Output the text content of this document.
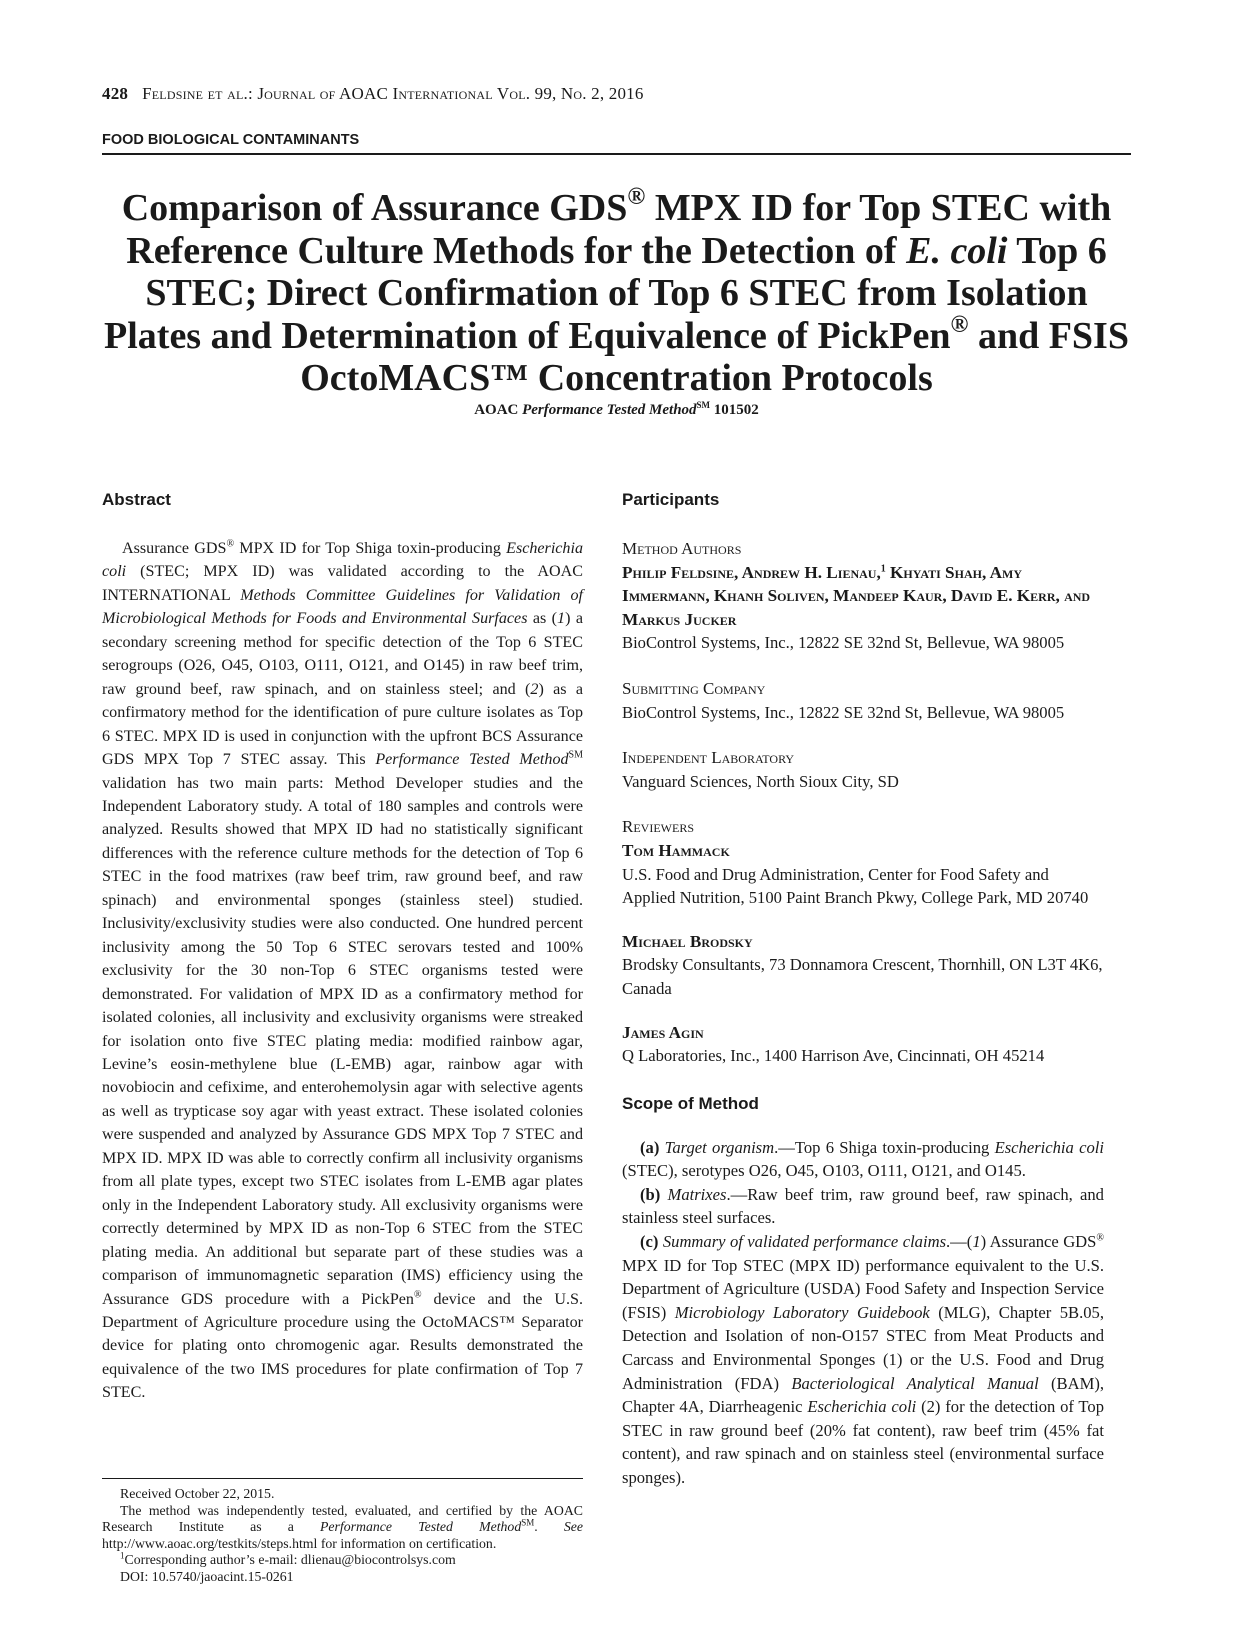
428 Feldsine et al.: Journal of AOAC International Vol. 99, No. 2, 2016
FOOD BIOLOGICAL CONTAMINANTS
Comparison of Assurance GDS® MPX ID for Top STEC with Reference Culture Methods for the Detection of E. coli Top 6 STEC; Direct Confirmation of Top 6 STEC from Isolation Plates and Determination of Equivalence of PickPen® and FSIS OctoMACS™ Concentration Protocols
AOAC Performance Tested Method℠ 101502
Abstract

Assurance GDS® MPX ID for Top Shiga toxin-producing Escherichia coli (STEC; MPX ID) was validated according to the AOAC INTERNATIONAL Methods Committee Guidelines for Validation of Microbiological Methods for Foods and Environmental Surfaces as (1) a secondary screening method for specific detection of the Top 6 STEC serogroups (O26, O45, O103, O111, O121, and O145) in raw beef trim, raw ground beef, raw spinach, and on stainless steel; and (2) as a confirmatory method for the identification of pure culture isolates as Top 6 STEC. MPX ID is used in conjunction with the upfront BCS Assurance GDS MPX Top 7 STEC assay. This Performance Tested Method℠ validation has two main parts: Method Developer studies and the Independent Laboratory study. A total of 180 samples and controls were analyzed. Results showed that MPX ID had no statistically significant differences with the reference culture methods for the detection of Top 6 STEC in the food matrixes (raw beef trim, raw ground beef, and raw spinach) and environmental sponges (stainless steel) studied. Inclusivity/exclusivity studies were also conducted. One hundred percent inclusivity among the 50 Top 6 STEC serovars tested and 100% exclusivity for the 30 non-Top 6 STEC organisms tested were demonstrated. For validation of MPX ID as a confirmatory method for isolated colonies, all inclusivity and exclusivity organisms were streaked for isolation onto five STEC plating media: modified rainbow agar, Levine’s eosin-methylene blue (L-EMB) agar, rainbow agar with novobiocin and cefixime, and enterohemolysin agar with selective agents as well as trypticase soy agar with yeast extract. These isolated colonies were suspended and analyzed by Assurance GDS MPX Top 7 STEC and MPX ID. MPX ID was able to correctly confirm all inclusivity organisms from all plate types, except two STEC isolates from L-EMB agar plates only in the Independent Laboratory study. All exclusivity organisms were correctly determined by MPX ID as non-Top 6 STEC from the STEC plating media. An additional but separate part of these studies was a comparison of immunomagnetic separation (IMS) efficiency using the Assurance GDS procedure with a PickPen® device and the U.S. Department of Agriculture procedure using the OctoMACS™ Separator device for plating onto chromogenic agar. Results demonstrated the equivalence of the two IMS procedures for plate confirmation of Top 7 STEC.

Received October 22, 2015.

The method was independently tested, evaluated, and certified by the AOAC Research Institute as a Performance Tested Method℠. See http://www.aoac.org/testkits/steps.html for information on certification.

$^1$Corresponding author’s e-mail: dlienau@biocontrolsys.com

DOI: 10.5740/jaoacint.15-0261

Participants
Method Authors
Philip Feldsine, Andrew H. Lienau,$^1$ Khyati Shah, Amy Immermann, Khanh Soliven, Mandeep Kaur, David E. Kerr, and Markus Jucker
BioControl Systems, Inc., 12822 SE 32nd St, Bellevue, WA 98005
Submitting Company
BioControl Systems, Inc., 12822 SE 32nd St, Bellevue, WA 98005
Independent Laboratory
Vanguard Sciences, North Sioux City, SD
Reviewers
Tom Hammack
U.S. Food and Drug Administration, Center for Food Safety and Applied Nutrition, 5100 Paint Branch Pkwy, College Park, MD 20740
Michael Brodsky
Brodsky Consultants, 73 Donnamora Crescent, Thornhill, ON L3T 4K6, Canada
James Agin
Q Laboratories, Inc., 1400 Harrison Ave, Cincinnati, OH 45214
Scope of Method

(a) Target organism.—Top 6 Shiga toxin-producing Escherichia coli (STEC), serotypes O26, O45, O103, O111, O121, and O145.

(b) Matrixes.—Raw beef trim, raw ground beef, raw spinach, and stainless steel surfaces.

(c) Summary of validated performance claims.—(1) Assurance GDS® MPX ID for Top STEC (MPX ID) performance equivalent to the U.S. Department of Agriculture (USDA) Food Safety and Inspection Service (FSIS) Microbiology Laboratory Guidebook (MLG), Chapter 5B.05, Detection and Isolation of non-O157 STEC from Meat Products and Carcass and Environmental Sponges (1) or the U.S. Food and Drug Administration (FDA) Bacteriological Analytical Manual (BAM), Chapter 4A, Diarrheagenic Escherichia coli (2) for the detection of Top STEC in raw ground beef (20% fat content), raw beef trim (45% fat content), and raw spinach and on stainless steel (environmental surface sponges).
